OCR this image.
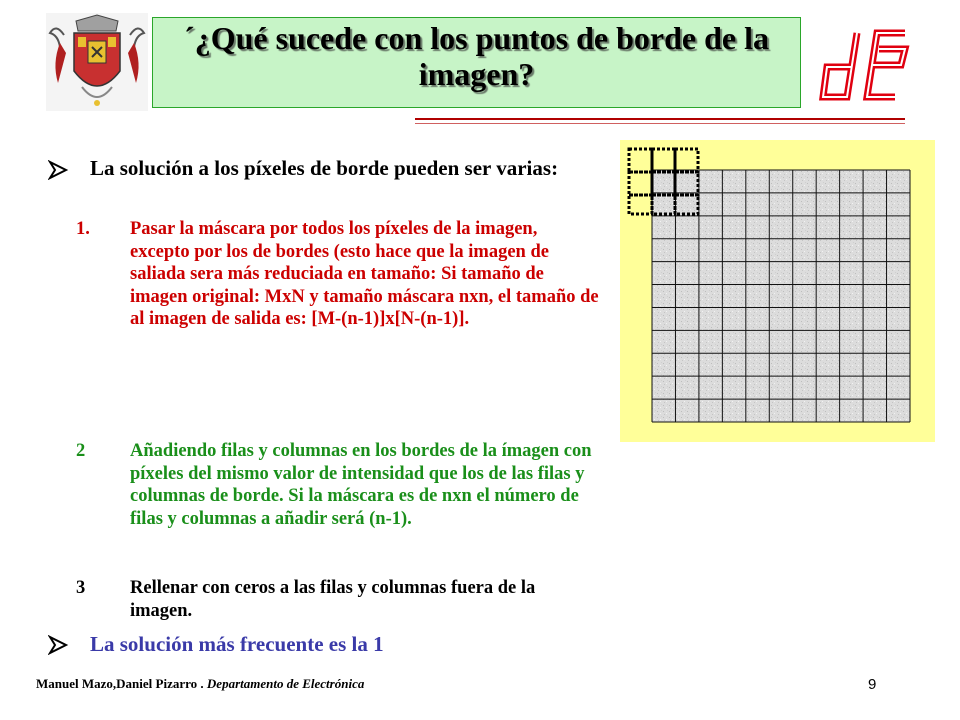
´¿Qué sucede con los puntos de borde de la imagen?
La solución a los píxeles de borde pueden ser varias:
1. Pasar la máscara por todos los píxeles de la imagen, excepto por los de bordes (esto hace que la imagen de saliada sera más reduciada en tamaño: Si tamaño de imagen original: MxN y tamaño máscara nxn, el tamaño de al imagen de salida es: [M-(n-1)]x[N-(n-1)].
2 Añadiendo filas y columnas en los bordes de la ímagen con píxeles del mismo valor de intensidad que los de las filas y columnas de borde. Si la máscara es de nxn el número de filas y columnas a añadir será (n-1).
3 Rellenar con ceros a las filas y columnas fuera de la imagen.
La solución más frecuente es la 1
Manuel Mazo,Daniel Pizarro . Departamento de Electrónica	9
